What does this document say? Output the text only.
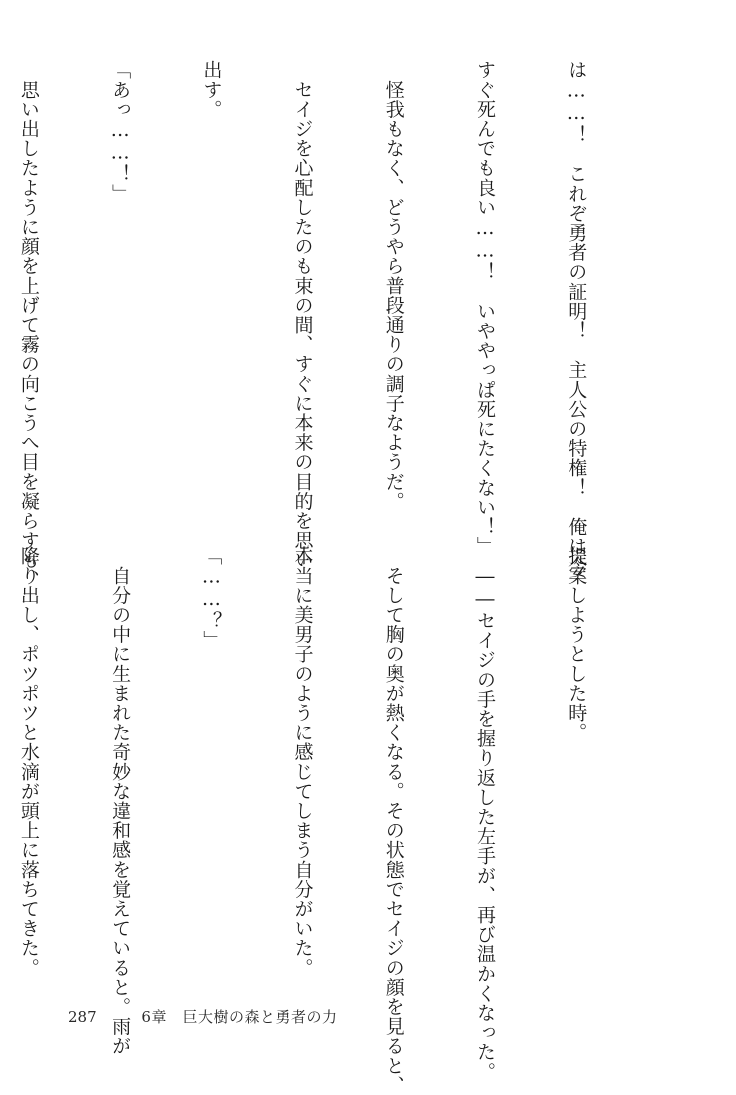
は……！　これぞ勇者の証明！　主人公の特権！　俺は今

すぐ死んでも良い……！　いややっぱ死にたくない！」

　怪我もなく、どうやら普段通りの調子なようだ。

　セイジを心配したのも束の間、すぐに本来の目的を思い

出す。

「あっ……！」

　思い出したように顔を上げて霧の向こうへ目を凝らすも、

提案しようとした時。

　――セイジの手を握り返した左手が、再び温かくなった。

　そして胸の奥が熱くなる。その状態でセイジの顔を見ると、

本当に美男子のように感じてしまう自分がいた。

「……？」

　自分の中に生まれた奇妙な違和感を覚えていると。雨が

降り出し、ポツポツと水滴が頭上に落ちてきた。

287	6章　巨大樹の森と勇者の力
